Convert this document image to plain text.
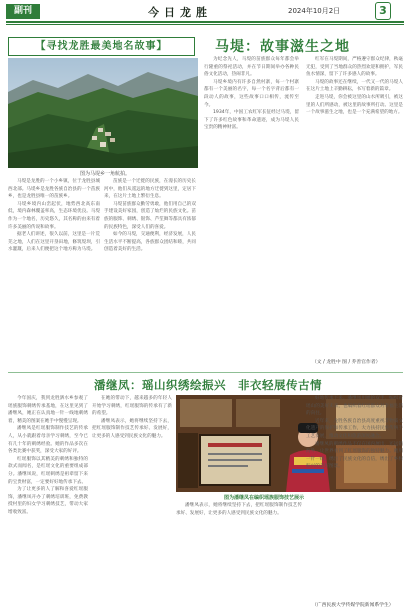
副刊	今日龙胜	2024年10月2日	3
【寻找龙胜最美地名故事】	马堤：故事滋生之地
图为马堤乡一角航拍。

马堤是龙胜的一个小乡镇，位于龙胜县城西北部。马堤乡是龙胜各族自治县的一个苗族乡，也是龙胜县唯一的苗族乡。

马堤乡境内山峦起伏，地势西北高东南低，境内森林覆盖率高，生态环境优良。马堤作为一个地名，历史悠久，其名称的由来有着许多美丽的传说和故事。

据老人们讲述，很久以前，这里是一片荒芜之地，人们在这里开垦田地，修筑堤坝，引水灌溉，后来人们便把这个地方称为马堤。

苗族是一个迁徙的民族，在漫长的历史长河中，他们从遥远的地方迁徙到这里，定居下来，在这片土地上繁衍生息。

马堤苗族群众勤劳勇敢，他们用自己的双手建设美好家园，创造了灿烂的民族文化。苗族的服饰、刺绣、银饰、芦笙舞等都具有浓郁的民族特色，深受人们的喜爱。

如今的马堤，交通便利，经济发展，人民生活水平不断提高，各族群众团结和睦，共同创造着美好的生活。

为纪念先人，马堤的苗族群众每年都会举行隆重的祭祀活动，并在节日期间举办各种民俗文化活动，热闹非凡。

马堤乡境内有许多自然村寨，每一个村寨都有一个美丽的名字，每一个名字背后都有一段动人的故事，这些故事口口相传，流传至今。

1934年，中国工农红军长征经过马堤，留下了许多红色故事和革命遗迹，成为马堤人民宝贵的精神财富。

红军在马堤期间，严格遵守群众纪律，秋毫无犯，受到了当地群众的热烈欢迎和拥护，军民鱼水情深，留下了许多感人的故事。

马堤的故事还在继续，一代又一代的马堤人在这片土地上辛勤耕耘，书写着新的篇章。

走进马堤，你会被这里的山水所吸引，被这里的人们所感动，被这里的故事所打动。这里是一个故事滋生之地，也是一个充满希望的地方。

（文 / 龙胜中 图 / 乔善官作者）
潘继凤：瑶山织绣绘振兴　非衣轻展传古情
图为潘继凤在编织瑶族服饰技艺展示

今年国庆，我到龙胜泗水乡参观了瑶族服饰刺绣传承基地，在这里见到了潘继凤，她正在认真地一针一线地刺绣着，精美的图案在她手中慢慢呈现。

潘继凤是红瑶服饰制作技艺的传承人，从小就跟着母亲学习刺绣，至今已有几十年的刺绣经验。她的作品多次在各类比赛中获奖，深受大家的好评。

红瑶服饰以其精美的刺绣和独特的款式而闻名，是红瑶文化的重要组成部分。潘继凤说，红瑶刺绣是祖辈留下来的宝贵财富，一定要好好地传承下去。

为了让更多的人了解和喜爱红瑶服饰，潘继凤开办了刺绣培训班，免费教授村里的妇女学习刺绣技艺，带动大家增收致富。

在她的带动下，越来越多的年轻人开始学习刺绣，红瑶服饰的传承有了新的希望。

潘继凤表示，她将继续坚持下去，把红瑶服饰制作技艺传承好、发展好，让更多的人感受到民族文化的魅力。

潘继凤表示，她将继续坚持下去，把红瑶服饰制作技艺传承好、发展好，让更多的人感受到民族文化的魅力。

好地传承下来。潘继凤用她的双手，编织着瑶山的美好未来，也编织着红瑶群众对幸福生活的向往。

近年来，龙胜各族自治县高度重视非物质文化遗产的保护和传承工作，大力扶持民族传统手工艺发展，推动文化和旅游深度融合。

潘继凤的刺绣作品不仅在国内展出，还远销海外，让世界看到了红瑶服饰的独特魅力。她用一针一线，绣出了民族文化的自信，绣出了乡村振兴的美好图景。

（广西民族大学传媒学院新闻系学生）
